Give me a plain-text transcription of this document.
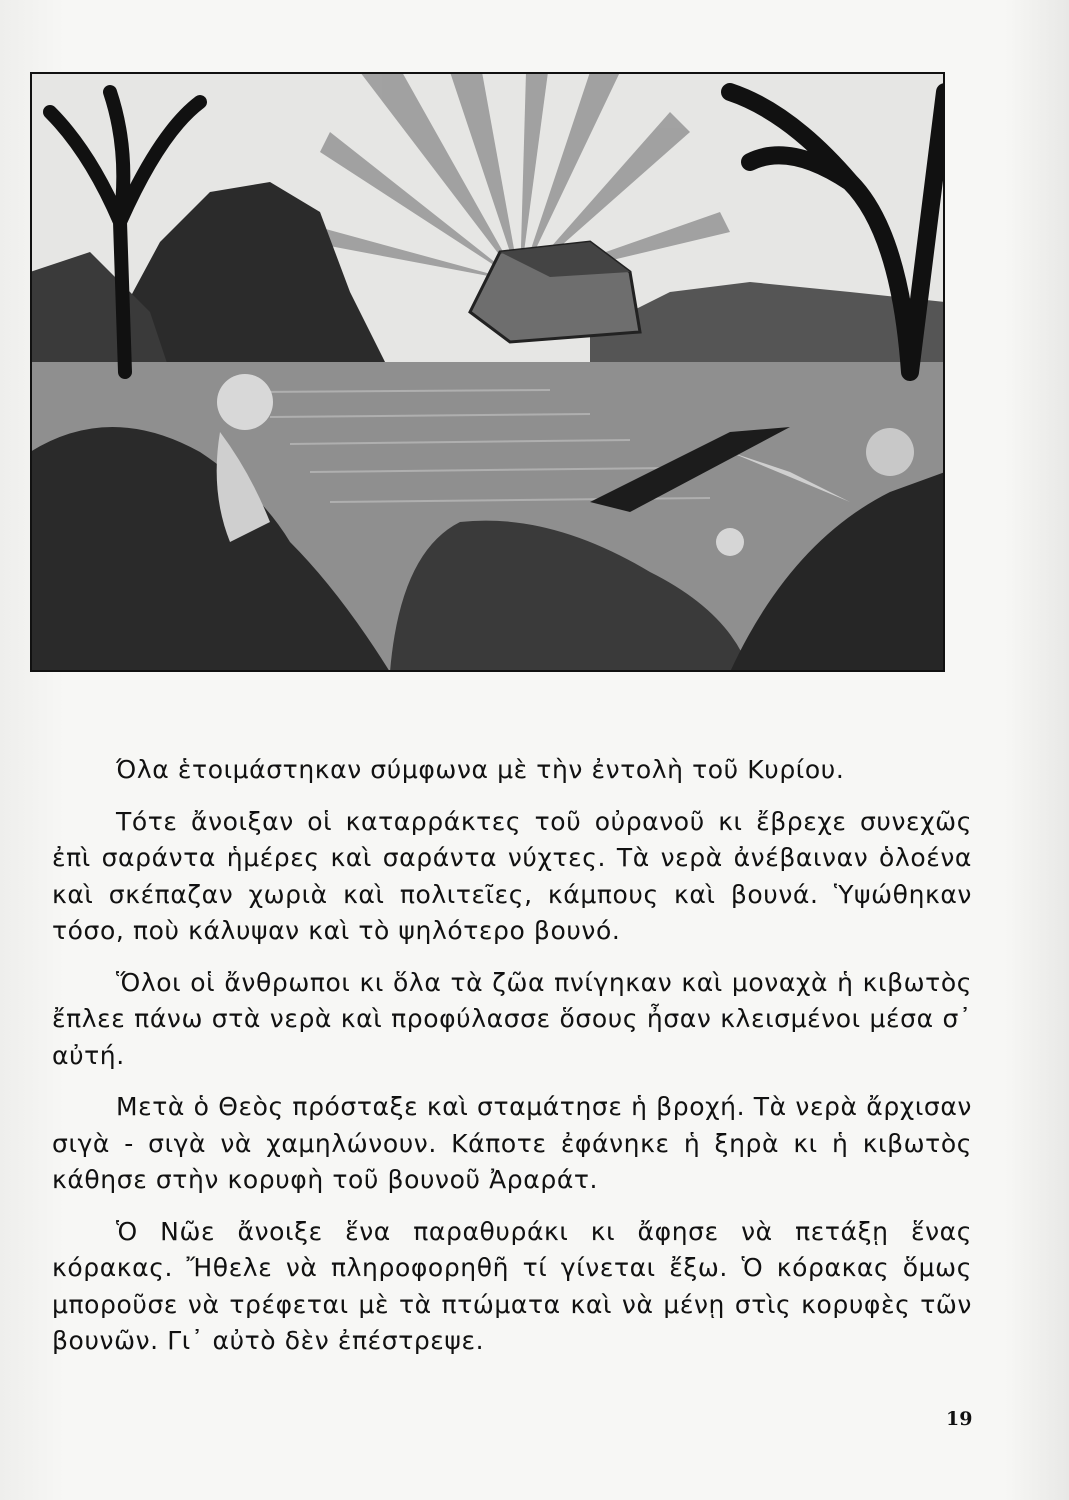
Όλα ἑτοιμάστηκαν σύμφωνα μὲ τὴν ἐντολὴ τοῦ Κυρίου.

Τότε ἄνοιξαν οἱ καταρράκτες τοῦ οὐρανοῦ κι ἔβρεχε συνεχῶς ἐπὶ σαράντα ἡμέρες καὶ σαράντα νύχτες. Τὰ νερὰ ἀνέβαιναν ὁλοένα καὶ σκέπαζαν χωριὰ καὶ πολιτεῖες, κάμπους καὶ βουνά. Ὑψώθηκαν τόσο, ποὺ κάλυψαν καὶ τὸ ψηλότερο βουνό.

Ὅλοι οἱ ἄνθρωποι κι ὅλα τὰ ζῶα πνίγηκαν καὶ μοναχὰ ἡ κιβωτὸς ἔπλεε πάνω στὰ νερὰ καὶ προφύλασσε ὅσους ἦσαν κλεισμένοι μέσα σ᾽ αὐτή.

Μετὰ ὁ Θεὸς πρόσταξε καὶ σταμάτησε ἡ βροχή. Τὰ νερὰ ἄρχισαν σιγὰ - σιγὰ νὰ χαμηλώνουν. Κάποτε ἐφάνηκε ἡ ξηρὰ κι ἡ κιβωτὸς κάθησε στὴν κορυφὴ τοῦ βουνοῦ Ἀραράτ.

Ὁ Νῶε ἄνοιξε ἕνα παραθυράκι κι ἄφησε νὰ πετάξῃ ἕνας κόρακας. Ἤθελε νὰ πληροφορηθῆ τί γίνεται ἔξω. Ὁ κόρακας ὅμως μποροῦσε νὰ τρέφεται μὲ τὰ πτώματα καὶ νὰ μένῃ στὶς κορυφὲς τῶν βουνῶν. Γι᾽ αὐτὸ δὲν ἐπέστρεψε.

19
